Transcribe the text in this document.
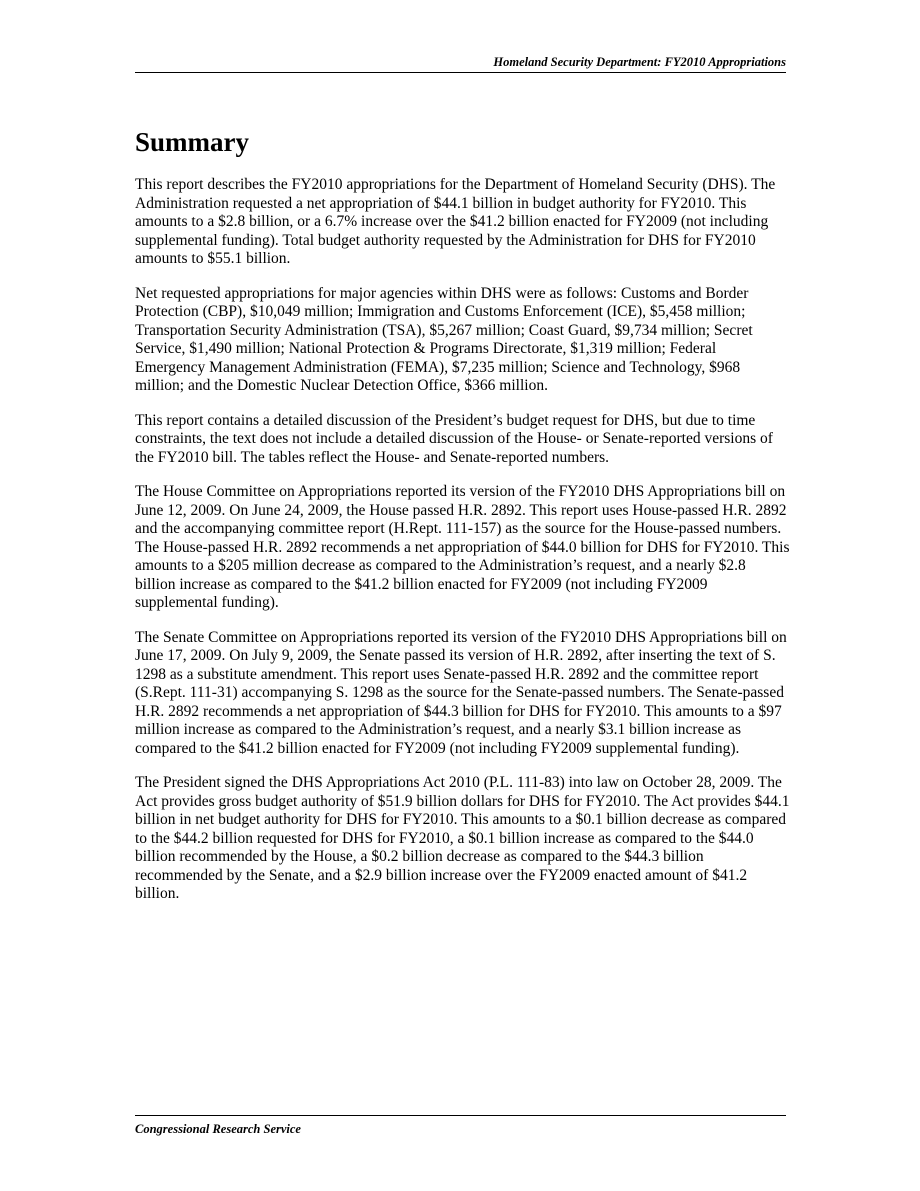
Homeland Security Department: FY2010 Appropriations
Summary

This report describes the FY2010 appropriations for the Department of Homeland Security (DHS). The Administration requested a net appropriation of $44.1 billion in budget authority for FY2010. This amounts to a $2.8 billion, or a 6.7% increase over the $41.2 billion enacted for FY2009 (not including supplemental funding). Total budget authority requested by the Administration for DHS for FY2010 amounts to $55.1 billion.

Net requested appropriations for major agencies within DHS were as follows: Customs and Border Protection (CBP), $10,049 million; Immigration and Customs Enforcement (ICE), $5,458 million; Transportation Security Administration (TSA), $5,267 million; Coast Guard, $9,734 million; Secret Service, $1,490 million; National Protection & Programs Directorate, $1,319 million; Federal Emergency Management Administration (FEMA), $7,235 million; Science and Technology, $968 million; and the Domestic Nuclear Detection Office, $366 million.

This report contains a detailed discussion of the President’s budget request for DHS, but due to time constraints, the text does not include a detailed discussion of the House- or Senate-reported versions of the FY2010 bill. The tables reflect the House- and Senate-reported numbers.

The House Committee on Appropriations reported its version of the FY2010 DHS Appropriations bill on June 12, 2009. On June 24, 2009, the House passed H.R. 2892. This report uses House-passed H.R. 2892 and the accompanying committee report (H.Rept. 111-157) as the source for the House-passed numbers. The House-passed H.R. 2892 recommends a net appropriation of $44.0 billion for DHS for FY2010. This amounts to a $205 million decrease as compared to the Administration’s request, and a nearly $2.8 billion increase as compared to the $41.2 billion enacted for FY2009 (not including FY2009 supplemental funding).

The Senate Committee on Appropriations reported its version of the FY2010 DHS Appropriations bill on June 17, 2009. On July 9, 2009, the Senate passed its version of H.R. 2892, after inserting the text of S. 1298 as a substitute amendment. This report uses Senate-passed H.R. 2892 and the committee report (S.Rept. 111-31) accompanying S. 1298 as the source for the Senate-passed numbers. The Senate-passed H.R. 2892 recommends a net appropriation of $44.3 billion for DHS for FY2010. This amounts to a $97 million increase as compared to the Administration’s request, and a nearly $3.1 billion increase as compared to the $41.2 billion enacted for FY2009 (not including FY2009 supplemental funding).

The President signed the DHS Appropriations Act 2010 (P.L. 111-83) into law on October 28, 2009. The Act provides gross budget authority of $51.9 billion dollars for DHS for FY2010. The Act provides $44.1 billion in net budget authority for DHS for FY2010. This amounts to a $0.1 billion decrease as compared to the $44.2 billion requested for DHS for FY2010, a $0.1 billion increase as compared to the $44.0 billion recommended by the House, a $0.2 billion decrease as compared to the $44.3 billion recommended by the Senate, and a $2.9 billion increase over the FY2009 enacted amount of $41.2 billion.

Congressional Research Service
